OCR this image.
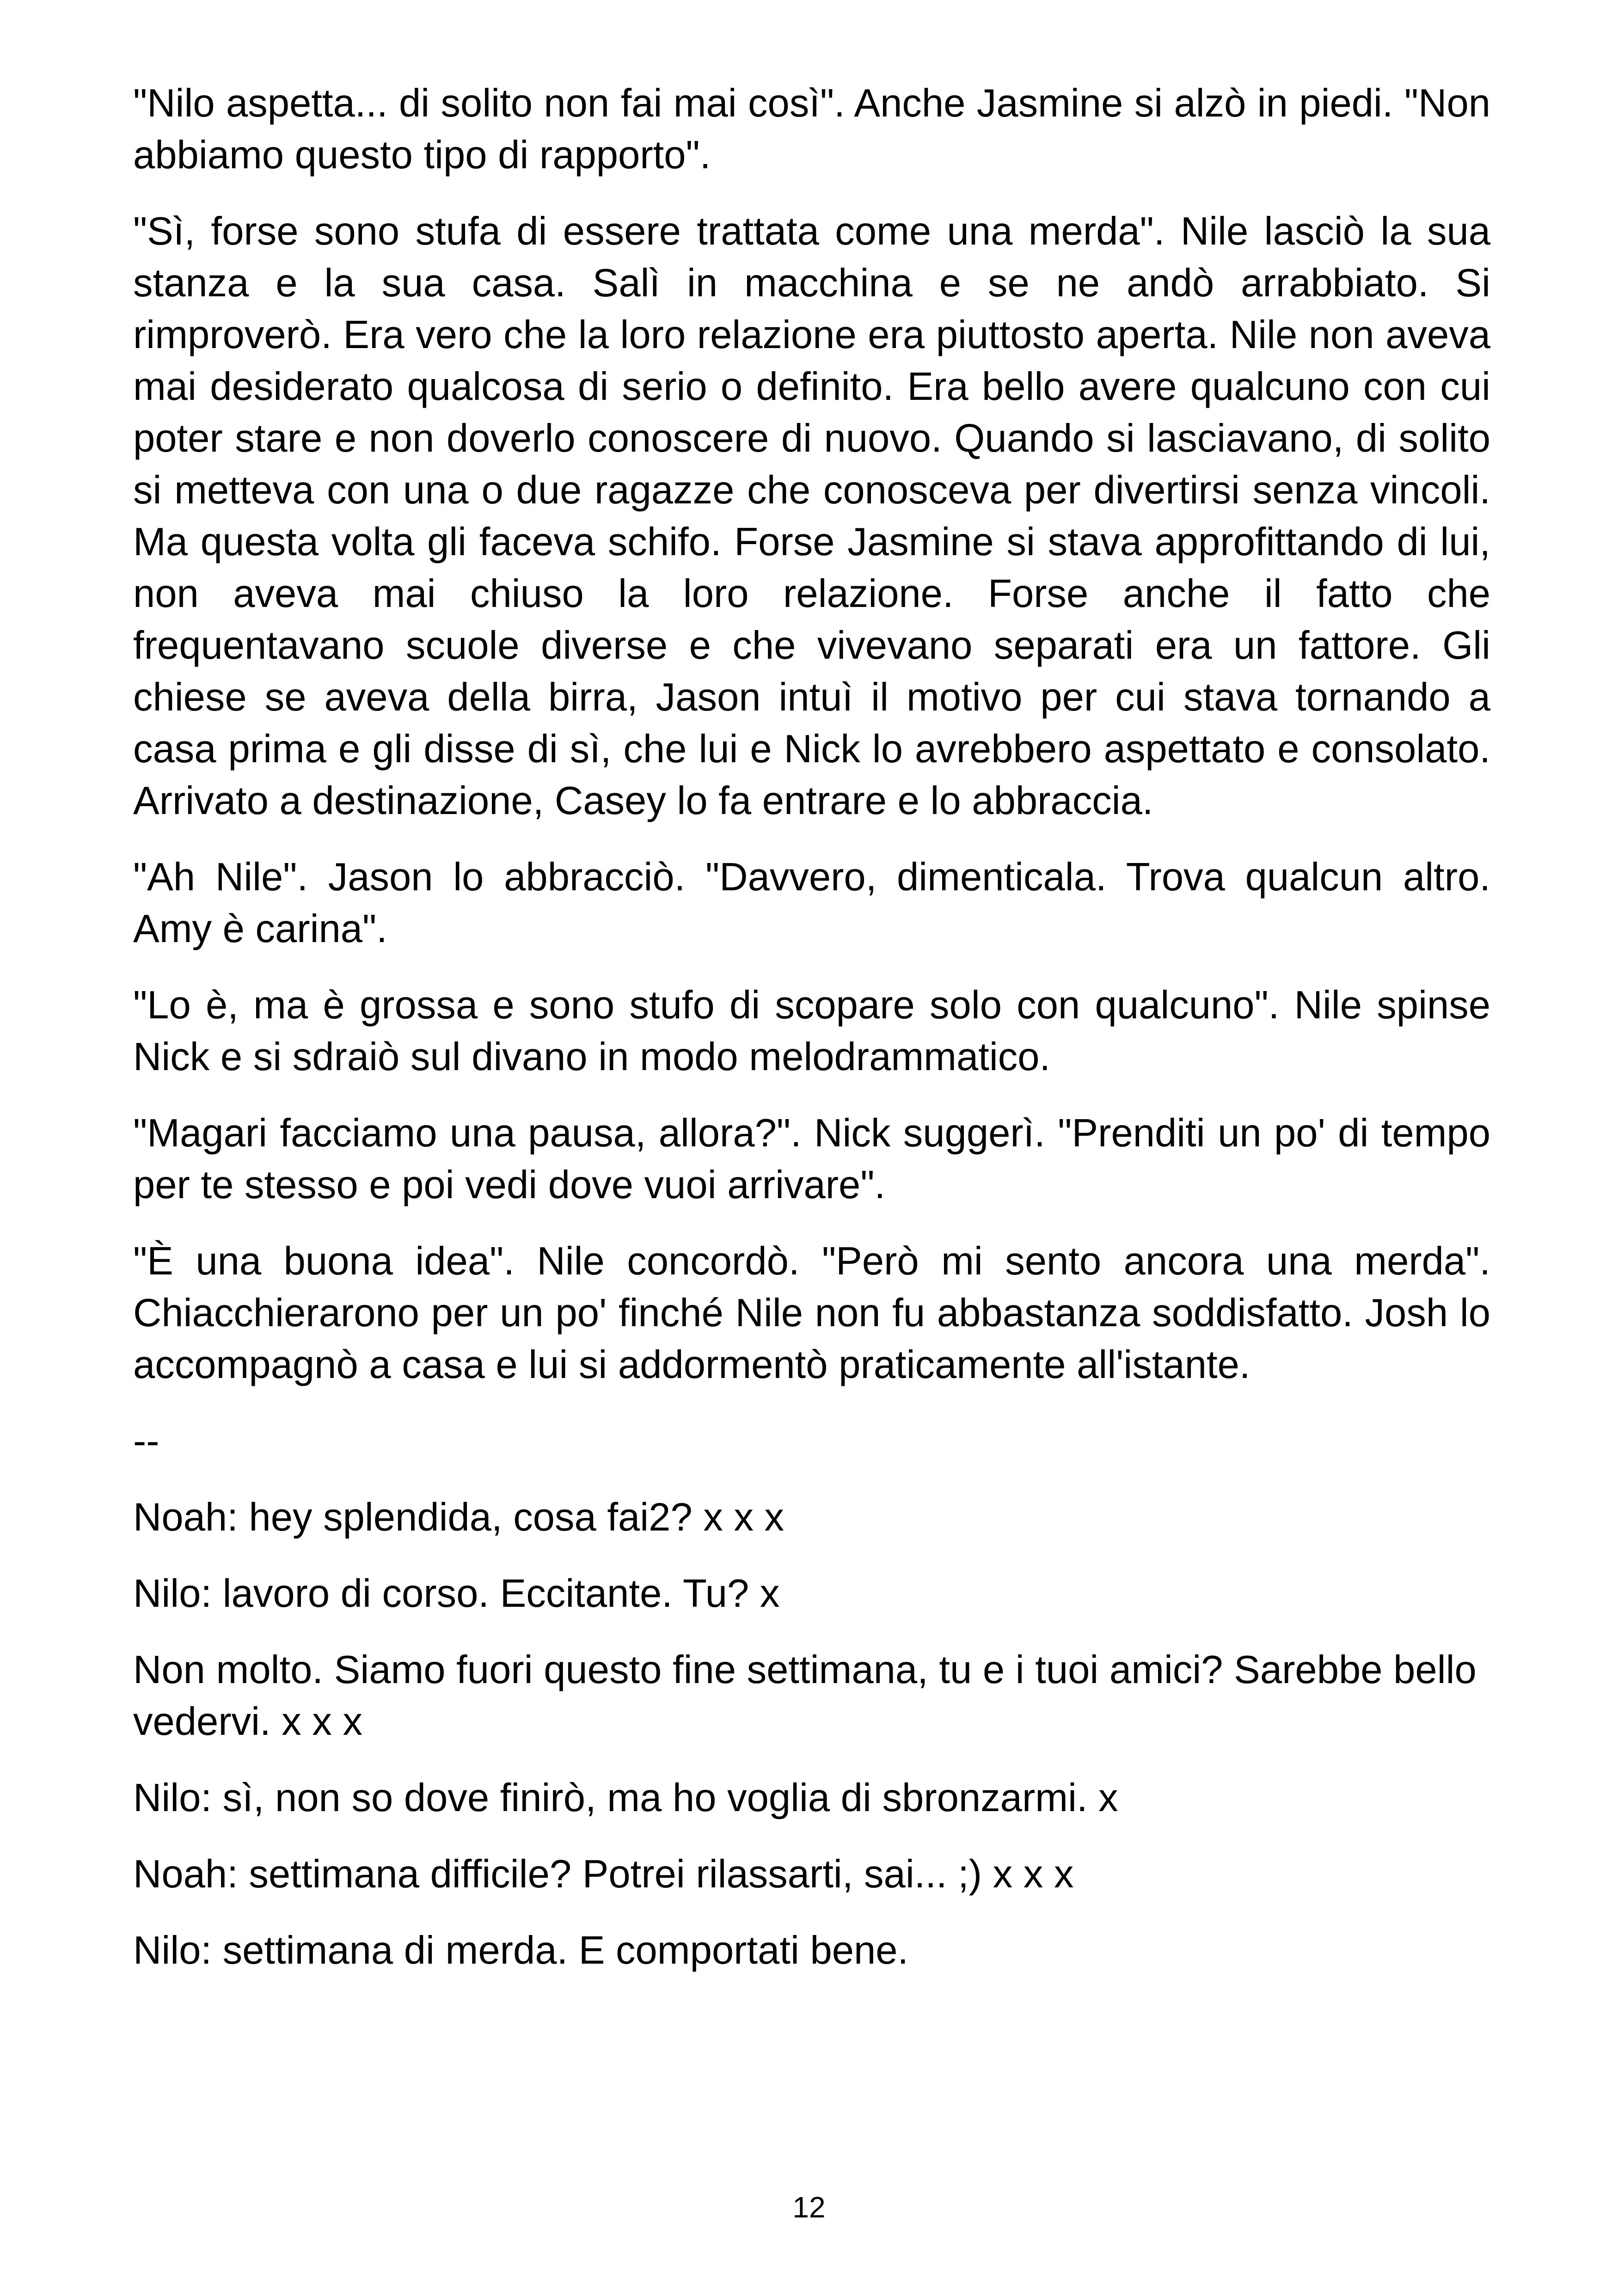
"Nilo aspetta... di solito non fai mai così". Anche Jasmine si alzò in piedi. "Non abbiamo questo tipo di rapporto".

"Sì, forse sono stufa di essere trattata come una merda". Nile lasciò la sua stanza e la sua casa. Salì in macchina e se ne andò arrabbiato. Si rimproverò. Era vero che la loro relazione era piuttosto aperta. Nile non aveva mai desiderato qualcosa di serio o definito. Era bello avere qualcuno con cui poter stare e non doverlo conoscere di nuovo. Quando si lasciavano, di solito si metteva con una o due ragazze che conosceva per divertirsi senza vincoli. Ma questa volta gli faceva schifo. Forse Jasmine si stava approfittando di lui, non aveva mai chiuso la loro relazione. Forse anche il fatto che frequentavano scuole diverse e che vivevano separati era un fattore. Gli chiese se aveva della birra, Jason intuì il motivo per cui stava tornando a casa prima e gli disse di sì, che lui e Nick lo avrebbero aspettato e consolato. Arrivato a destinazione, Casey lo fa entrare e lo abbraccia.

"Ah Nile". Jason lo abbracciò. "Davvero, dimenticala. Trova qualcun altro. Amy è carina".

"Lo è, ma è grossa e sono stufo di scopare solo con qualcuno". Nile spinse Nick e si sdraiò sul divano in modo melodrammatico.

"Magari facciamo una pausa, allora?". Nick suggerì. "Prenditi un po' di tempo per te stesso e poi vedi dove vuoi arrivare".

"È una buona idea". Nile concordò. "Però mi sento ancora una merda". Chiacchierarono per un po' finché Nile non fu abbastanza soddisfatto. Josh lo accompagnò a casa e lui si addormentò praticamente all'istante.

--

Noah: hey splendida, cosa fai2? x x x

Nilo: lavoro di corso. Eccitante. Tu? x

Non molto. Siamo fuori questo fine settimana, tu e i tuoi amici? Sarebbe bello vedervi. x x x

Nilo: sì, non so dove finirò, ma ho voglia di sbronzarmi. x

Noah: settimana difficile? Potrei rilassarti, sai... ;) x x x

Nilo: settimana di merda. E comportati bene.

12
